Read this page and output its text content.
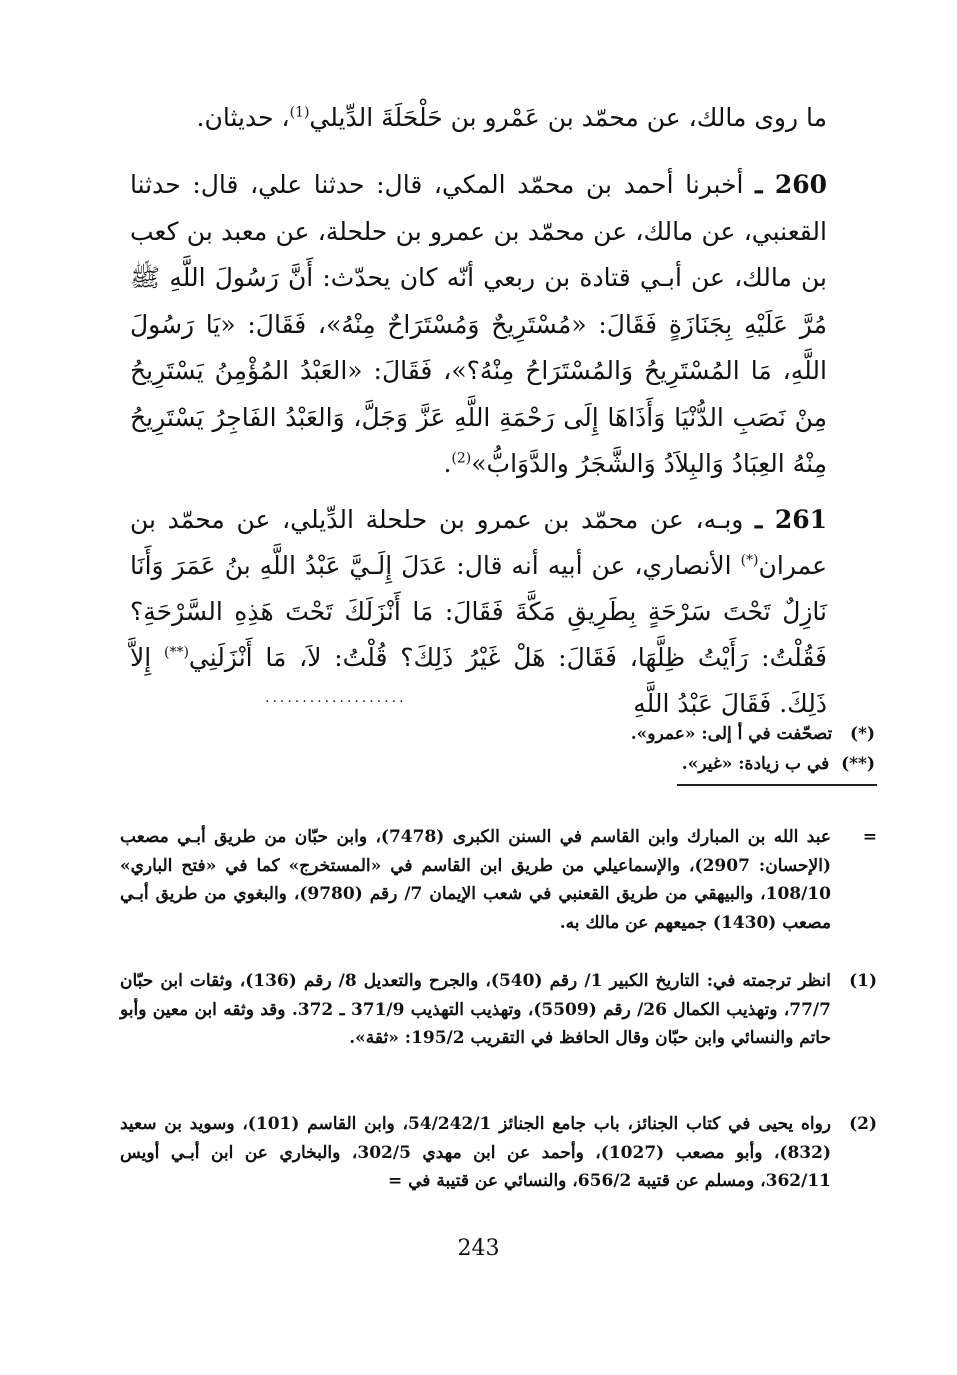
ما روى مالك، عن محمّد بن عَمْرو بن حَلْحَلَةَ الدِّيلي$^{(1)}$، حديثان.

260 ـ أخبرنا أحمد بن محمّد المكي، قال: حدثنا علي، قال: حدثنا القعنبي، عن مالك، عن محمّد بن عمرو بن حلحلة، عن معبد بن كعب بن مالك، عن أبـي قتادة بن ربعي أنّه كان يحدّث: أَنَّ رَسُولَ اللَّهِ ﷺ مُرَّ عَلَيْهِ بِجَنَازَةٍ فَقَالَ: «مُسْتَرِيحٌ وَمُسْتَرَاحٌ مِنْهُ»، فَقَالَ: «يَا رَسُولَ اللَّهِ، مَا المُسْتَرِيحُ وَالمُسْتَرَاحُ مِنْهُ؟»، فَقَالَ: «العَبْدُ المُؤْمِنُ يَسْتَرِيحُ مِنْ نَصَبِ الدُّنْيَا وَأَذَاهَا إِلَى رَحْمَةِ اللَّهِ عَزَّ وَجَلَّ، وَالعَبْدُ الفَاجِرُ يَسْتَرِيحُ مِنْهُ العِبَادُ وَالبِلاَدُ وَالشَّجَرُ والدَّوَابُّ»$^{(2)}$.

261 ـ وبـه، عن محمّد بن عمرو بن حلحلة الدِّيلي، عن محمّد بن عمران(*) الأنصاري، عن أبيه أنه قال: عَدَلَ إِلَـيَّ عَبْدُ اللَّهِ بنُ عَمَرَ وَأَنَا نَازِلٌ تَحْتَ سَرْحَةٍ بِطَرِيقِ مَكَّةَ فَقَالَ: مَا أَنْزَلَكَ تَحْتَ هَذِهِ السَّرْحَةِ؟ فَقُلْتُ: رَأَيْتُ ظِلَّهَا، فَقَالَ: هَلْ غَيْرُ ذَلِكَ؟ قُلْتُ: لاَ، مَا أَنْزَلَنِي(**) إِلاَّ ذَلِكَ. فَقَالَ عَبْدُ اللَّهِ

...................
(*)   تصحّفت في أ إلى: «عمرو».
(**)  في ب زيادة: «غير».
=
عبد الله بن المبارك وابن القاسم في السنن الكبرى (7478)، وابن حبّان من طريق أبـي مصعب (الإحسان: 2907)، والإسماعيلي من طريق ابن القاسم في «المستخرج» كما في «فتح الباري» 108/10، والبيهقي من طريق القعنبي في شعب الإيمان 7/ رقم (9780)، والبغوي من طريق أبـي مصعب (1430) جميعهم عن مالك به.
(1)
انظر ترجمته في: التاريخ الكبير 1/ رقم (540)، والجرح والتعديل 8/ رقم (136)، وثقات ابن حبّان 77/7، وتهذيب الكمال 26/ رقم (5509)، وتهذيب التهذيب 371/9 ـ 372. وقد وثقه ابن معين وأبو حاتم والنسائي وابن حبّان وقال الحافظ في التقريب 195/2: «ثقة».
(2)
رواه يحيى في كتاب الجنائز، باب جامع الجنائز 54/242/1، وابن القاسم (101)، وسويد بن سعيد (832)، وأبو مصعب (1027)، وأحمد عن ابن مهدي 302/5، والبخاري عن ابن أبـي أويس 362/11، ومسلم عن قتيبة 656/2، والنسائي عن قتيبة في =
243
